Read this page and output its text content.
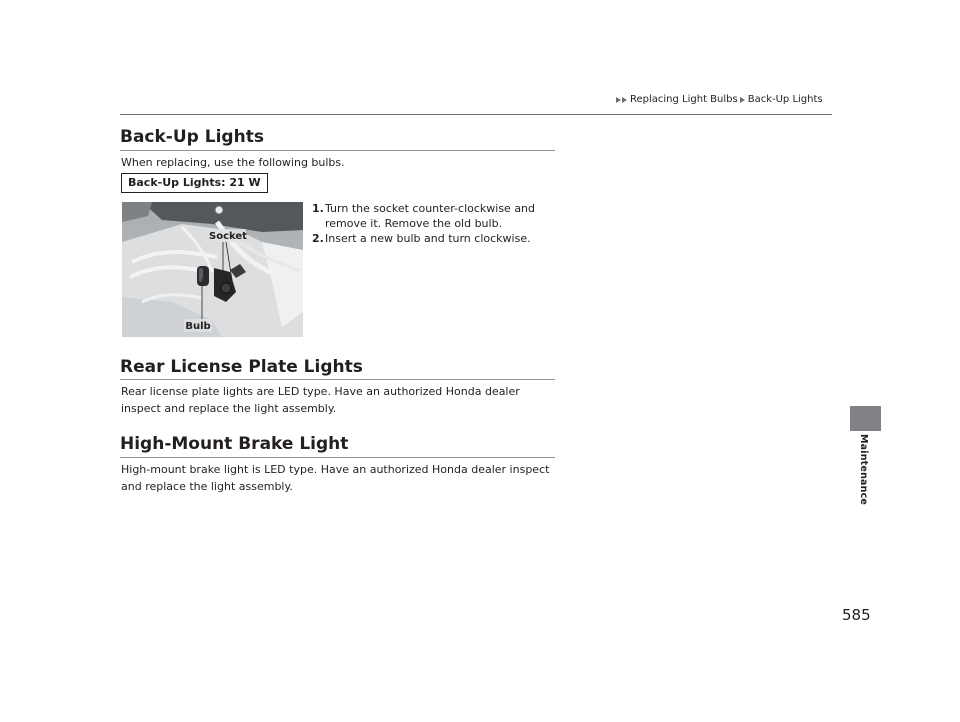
Replacing Light Bulbs Back-Up Lights
Maintenance
Back-Up Lights
When replacing, use the following bulbs.
Back-Up Lights: 21 W
Socket
Bulb
1. Turn the socket counter-clockwise and remove it. Remove the old bulb.
2. Insert a new bulb and turn clockwise.
Rear License Plate Lights
Rear license plate lights are LED type. Have an authorized Honda dealer inspect and replace the light assembly.
High-Mount Brake Light
High-mount brake light is LED type. Have an authorized Honda dealer inspect and replace the light assembly.
585
